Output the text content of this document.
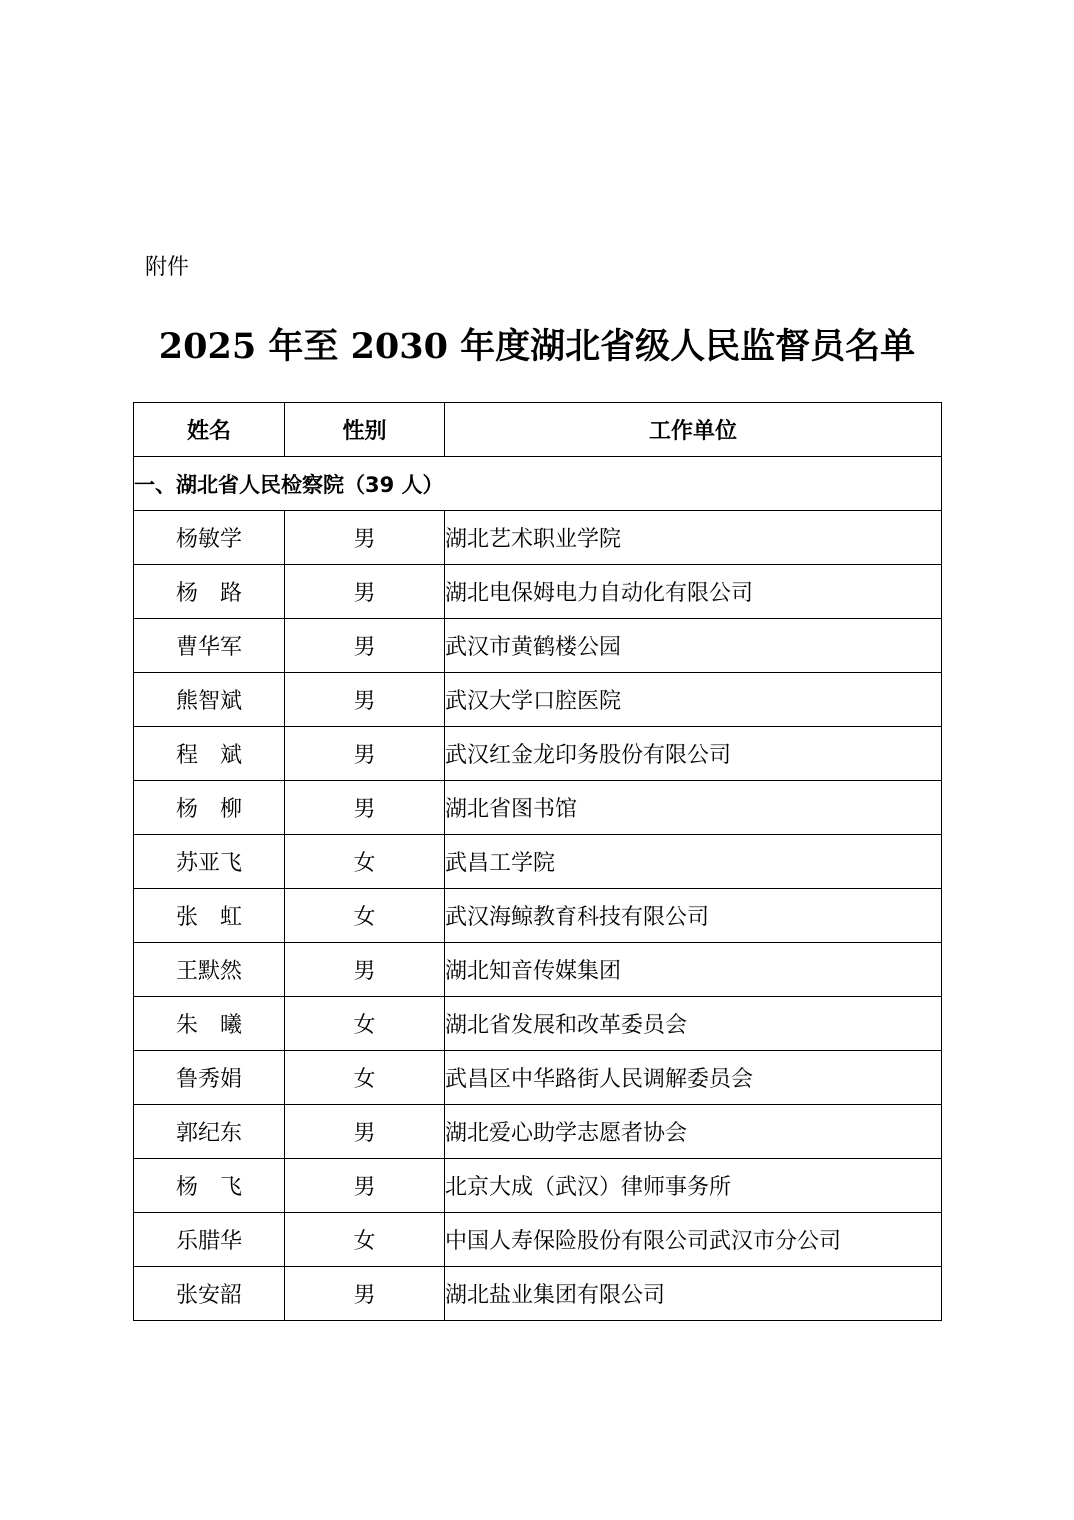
附件
2025 年至 2030 年度湖北省级人民监督员名单
姓名	性别	工作单位
一、湖北省人民检察院（39 人）		
杨敏学	男	湖北艺术职业学院
杨　路	男	湖北电保姆电力自动化有限公司
曹华军	男	武汉市黄鹤楼公园
熊智斌	男	武汉大学口腔医院
程　斌	男	武汉红金龙印务股份有限公司
杨　柳	男	湖北省图书馆
苏亚飞	女	武昌工学院
张　虹	女	武汉海鲸教育科技有限公司
王默然	男	湖北知音传媒集团
朱　曦	女	湖北省发展和改革委员会
鲁秀娟	女	武昌区中华路街人民调解委员会
郭纪东	男	湖北爱心助学志愿者协会
杨　飞	男	北京大成（武汉）律师事务所
乐腊华	女	中国人寿保险股份有限公司武汉市分公司
张安韶	男	湖北盐业集团有限公司
